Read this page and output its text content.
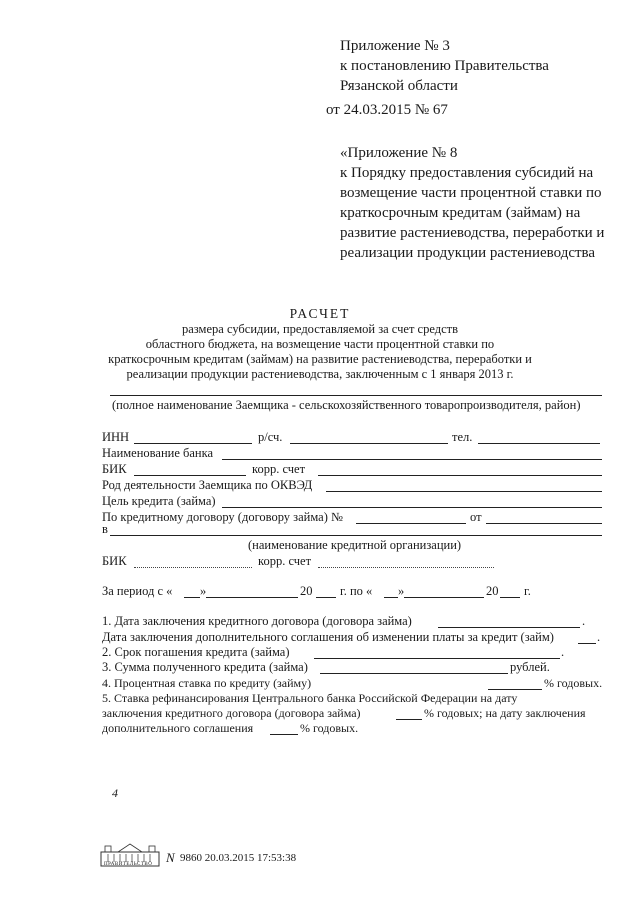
Приложение № 3
к постановлению Правительства
Рязанской области
от 24.03.2015 № 67
«Приложение № 8
к Порядку предоставления субсидий на
возмещение части процентной ставки по
краткосрочным кредитам (займам) на
развитие растениеводства, переработки и
реализации продукции растениеводства
РАСЧЕТ
размера субсидии, предоставляемой за счет средств
областного бюджета, на возмещение части процентной ставки по
краткосрочным кредитам (займам) на развитие растениеводства, переработки и
реализации продукции растениеводства, заключенным с 1 января 2013 г.
(полное наименование Заемщика - сельскохозяйственного товаропроизводителя, район)
ИНН	р/сч.	тел.
Наименование банка
БИК	корр. счет
Род деятельности Заемщика по ОКВЭД
Цель кредита (займа)
По кредитному договору (договору займа) №	от
в
(наименование кредитной организации)
БИК	корр. счет
За период с « »	20 г. по « »	20 г.
1. Дата заключения кредитного договора (договора займа)	.
Дата заключения дополнительного соглашения об изменении платы за кредит (займ)	.
2. Срок погашения кредита (займа)	.
3. Сумма полученного кредита (займа)	рублей.
4. Процентная ставка по кредиту (займу)	% годовых.
5. Ставка рефинансирования Центрального банка Российской Федерации на дату
заключения кредитного договора (договора займа)	% годовых; на дату заключения
дополнительного соглашения	% годовых.
4
ПРАВИТЕЛЬСТВО N 9860 20.03.2015 17:53:38
